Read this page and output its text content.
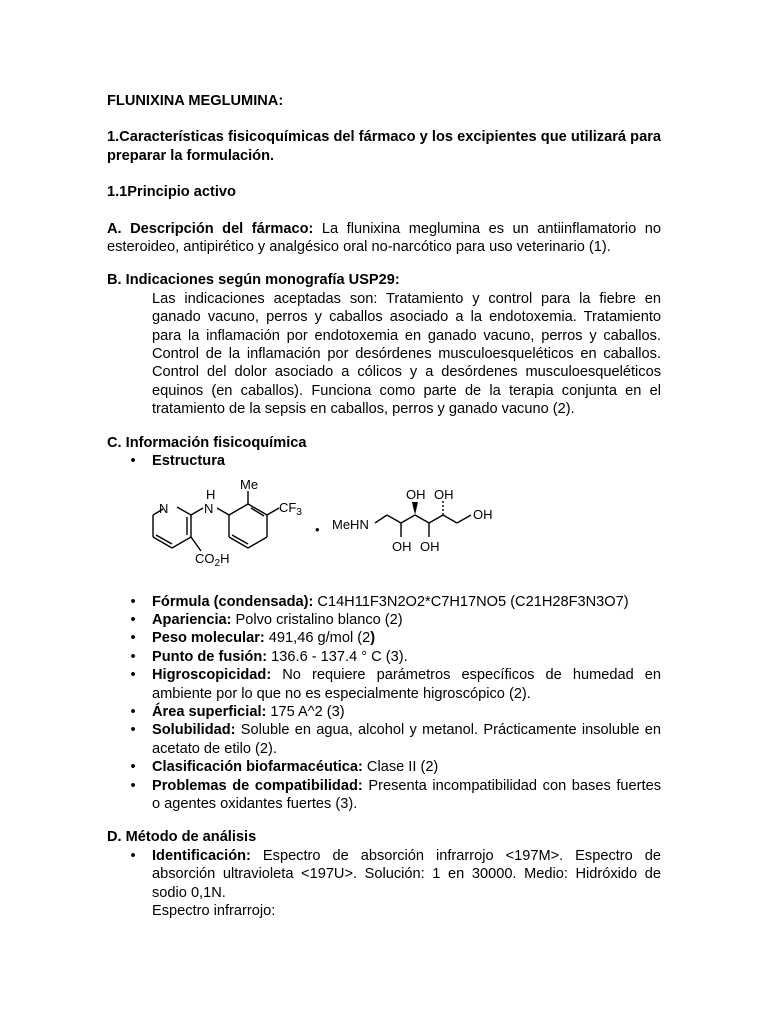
FLUNIXINA MEGLUMINA:

1.Características fisicoquímicas del fármaco y los excipientes que utilizará para preparar la formulación.

1.1Principio activo

A. Descripción del fármaco: La flunixina meglumina es un antiinflamatorio no esteroideo, antipirético y analgésico oral no-narcótico para uso veterinario (1).

B. Indicaciones según monografía USP29:

Las indicaciones aceptadas son: Tratamiento y control para la fiebre en ganado vacuno, perros y caballos asociado a la endotoxemia. Tratamiento para la inflamación por endotoxemia en ganado vacuno, perros y caballos. Control de la inflamación por desórdenes musculoesqueléticos en caballos. Control del dolor asociado a cólicos y a desórdenes musculoesqueléticos equinos (en caballos). Funciona como parte de la terapia conjunta en el tratamiento de la sepsis en caballos, perros y ganado vacuno (2).

C. Información fisicoquímica

• Estructura
N	N
H
Me
$CF_3$
$CO_2H$
• MeHN
OH OH
OH
OH OH
• Fórmula (condensada): C14H11F3N2O2*C7H17NO5 (C21H28F3N3O7)
• Apariencia: Polvo cristalino blanco (2)
• Peso molecular: 491,46 g/mol (2)
• Punto de fusión: 136.6 - 137.4 ° C (3).
• Higroscopicidad: No requiere parámetros específicos de humedad en ambiente por lo que no es especialmente higroscópico (2).
• Área superficial: 175 A^2 (3)
• Solubilidad: Soluble en agua, alcohol y metanol. Prácticamente insoluble en acetato de etilo (2).
• Clasificación biofarmacéutica: Clase II (2)
• Problemas de compatibilidad: Presenta incompatibilidad con bases fuertes o agentes oxidantes fuertes (3).

D. Método de análisis

• Identificación: Espectro de absorción infrarrojo <197M>. Espectro de absorción ultravioleta <197U>. Solución: 1 en 30000. Medio: Hidróxido de sodio 0,1N.
Espectro infrarrojo:
